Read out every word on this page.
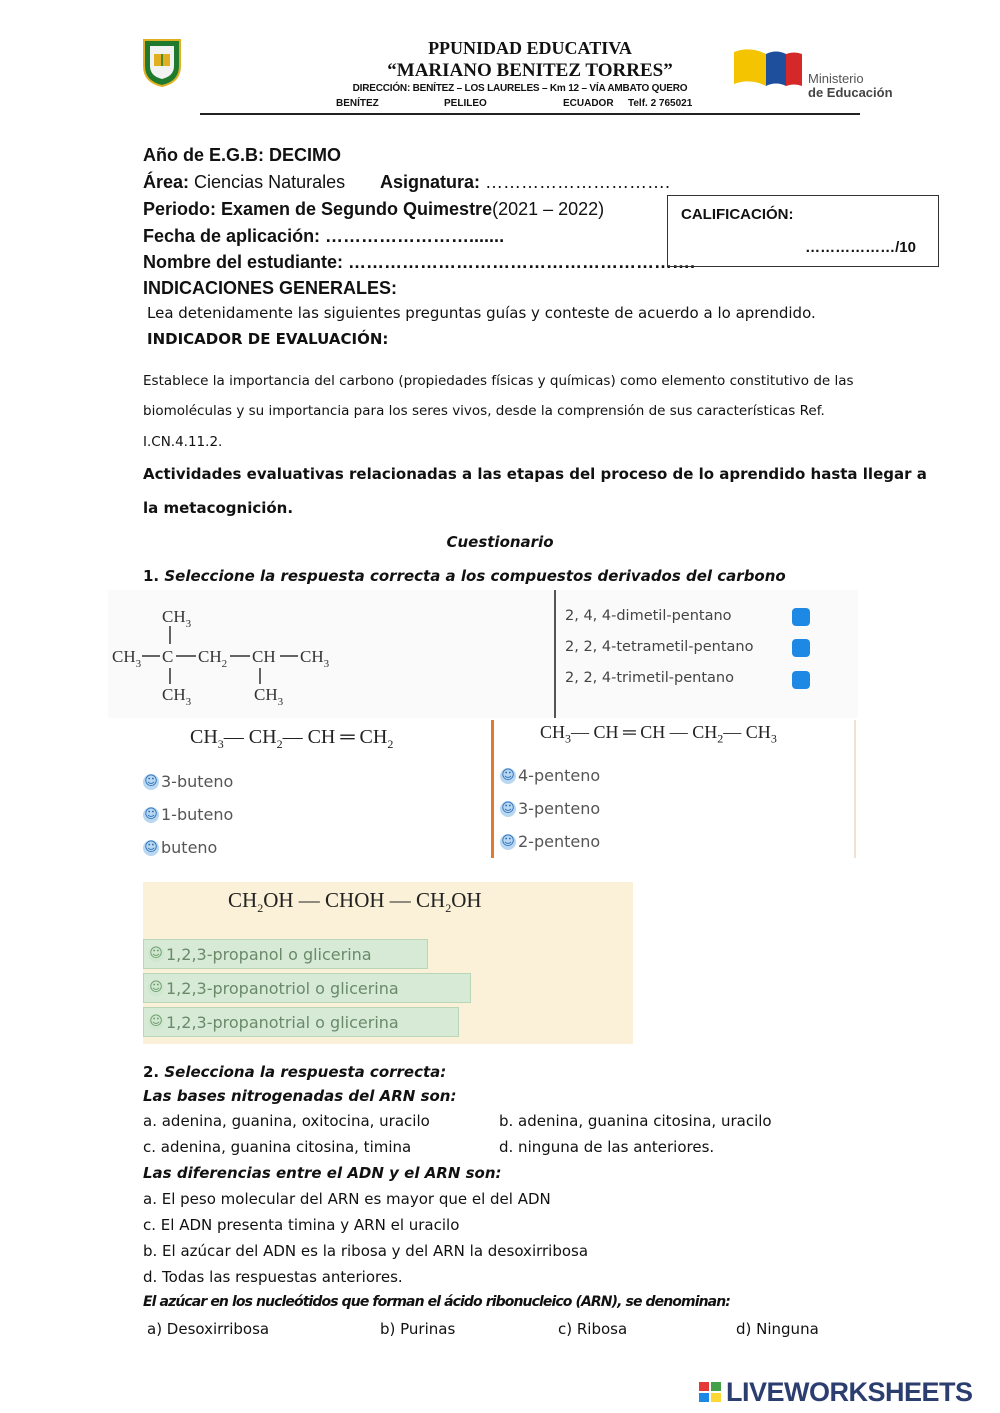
PPUNIDAD EDUCATIVA
“MARIANO BENITEZ TORRES”
DIRECCIÓN: BENÍTEZ – LOS LAURELES – Km 12 – VÍA AMBATO QUERO
BENÍTEZ	PELILEO	ECUADOR Telf. 2 765021
Ministerio
de Educación
Año de E.G.B: DECIMO
Área: Ciencias Naturales Asignatura: ………………………….
Periodo: Examen de Segundo Quimestre(2021 – 2022)
Fecha de aplicación: …………………….......
Nombre del estudiante: ………………………………………………….
CALIFICACIÓN:
………………/10
INDICACIONES GENERALES:
Lea detenidamente las siguientes preguntas guías y conteste de acuerdo a lo aprendido.
INDICADOR DE EVALUACIÓN:
Establece la importancia del carbono (propiedades físicas y químicas) como elemento constitutivo de las
biomoléculas y su importancia para los seres vivos, desde la comprensión de sus características Ref.
I.CN.4.11.2.
Actividades evaluativas relacionadas a las etapas del proceso de lo aprendido hasta llegar a
la metacognición.
Cuestionario
1. Seleccione la respuesta correcta a los compuestos derivados del carbono
$CH_3$
$CH_3$ C $CH_2$ CH $CH_3$
$CH_3$	$CH_3$
2, 4, 4-dimetil-pentano
2, 2, 4-tetrametil-pentano
2, 2, 4-trimetil-pentano
$CH_3—$ $CH_2—$ CH ═ $CH_2$
☺ 3-buteno
☺ 1-buteno
☺ buteno
$CH_3—$ CH ═ CH — $CH_2—$ $CH_3$
☺ 4-penteno
☺ 3-penteno
☺ 2-penteno
$CH_2OH$ — CHOH — $CH_2OH$
☺ 1,2,3-propanol o glicerina
☺ 1,2,3-propanotriol o glicerina
☺ 1,2,3-propanotrial o glicerina
2. Selecciona la respuesta correcta:
Las bases nitrogenadas del ARN son:
a. adenina, guanina, oxitocina, uracilo	b. adenina, guanina citosina, uracilo
c. adenina, guanina citosina, timina	d. ninguna de las anteriores.
Las diferencias entre el ADN y el ARN son:
a. El peso molecular del ARN es mayor que el del ADN
c. El ADN presenta timina y ARN el uracilo
b. El azúcar del ADN es la ribosa y del ARN la desoxirribosa
d. Todas las respuestas anteriores.
El azúcar en los nucleótidos que forman el ácido ribonucleico (ARN), se denominan:
a) Desoxirribosa	b) Purinas	c) Ribosa	d) Ninguna
LIVEWORKSHEETS
